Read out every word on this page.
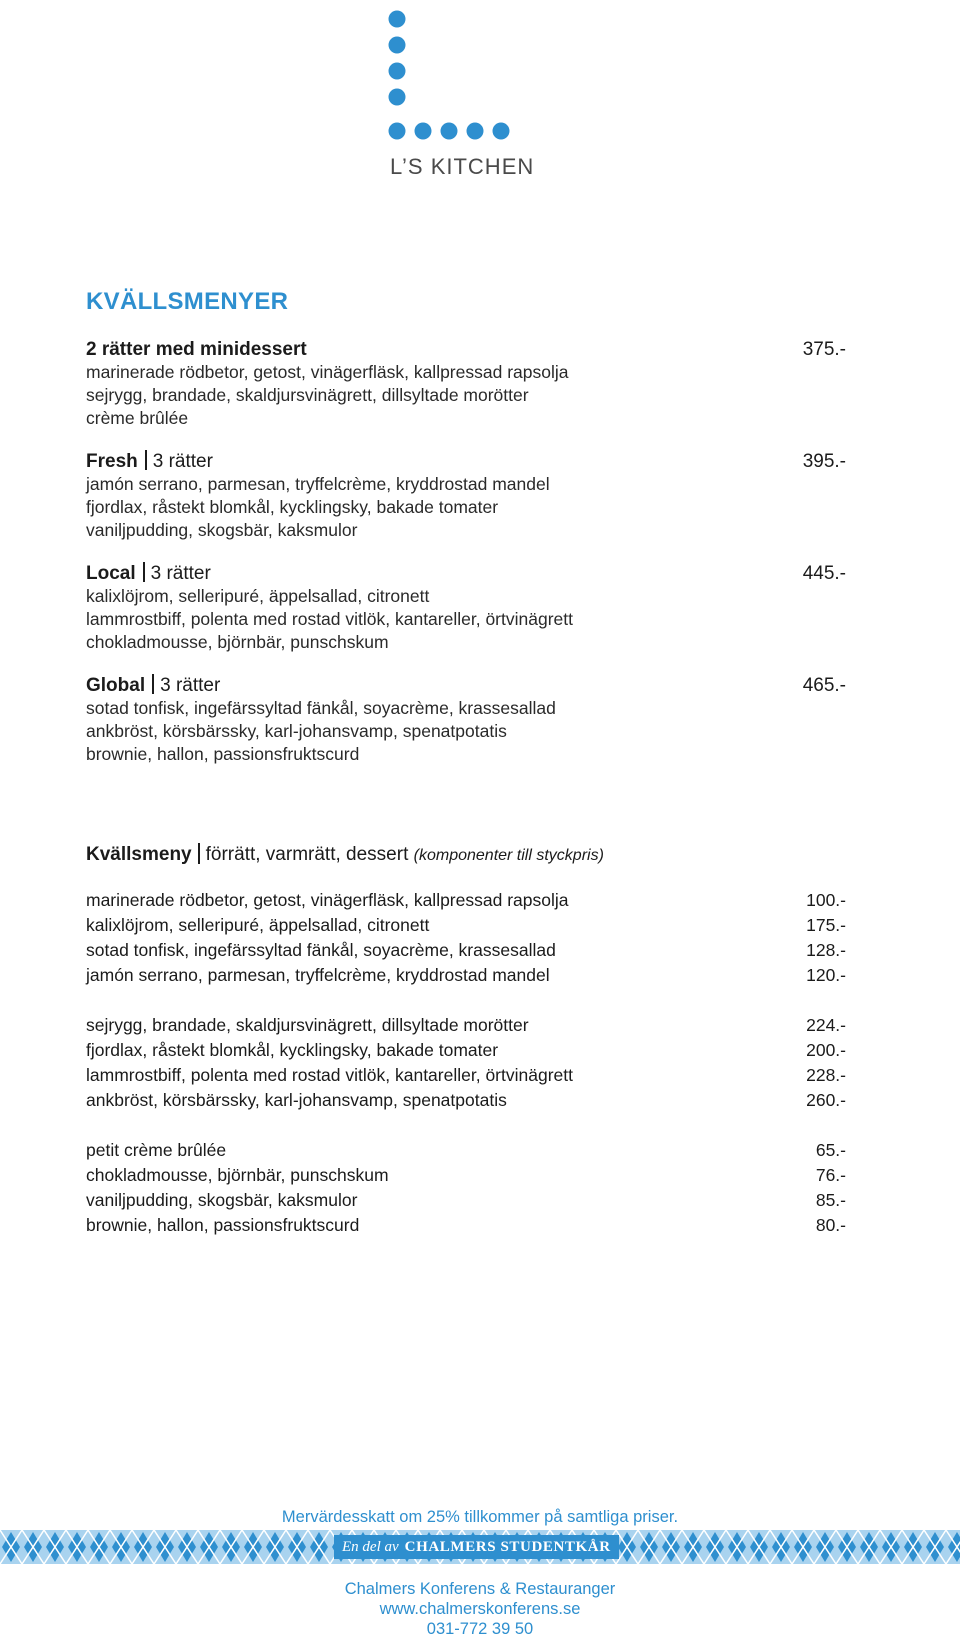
L’S KITCHEN
KVÄLLSMENYER
2 rätter med minidessert	375.-
marinerade rödbetor, getost, vinägerfläsk, kallpressad rapsolja
sejrygg, brandade, skaldjursvinägrett, dillsyltade morötter
crème brûlée
Fresh 3 rätter	395.-
jamón serrano, parmesan, tryffelcrème, kryddrostad mandel
fjordlax, råstekt blomkål, kycklingsky, bakade tomater
vaniljpudding, skogsbär, kaksmulor
Local 3 rätter	445.-
kalixlöjrom, selleripuré, äppelsallad, citronett
lammrostbiff, polenta med rostad vitlök, kantareller, örtvinägrett
chokladmousse, björnbär, punschskum
Global 3 rätter	465.-
sotad tonfisk, ingefärssyltad fänkål, soyacrème, krassesallad
ankbröst, körsbärssky, karl-johansvamp, spenatpotatis
brownie, hallon, passionsfruktscurd
Kvällsmeny förrätt, varmrätt, dessert (komponenter till styckpris)
marinerade rödbetor, getost, vinägerfläsk, kallpressad rapsolja	100.-
kalixlöjrom, selleripuré, äppelsallad, citronett	175.-
sotad tonfisk, ingefärssyltad fänkål, soyacrème, krassesallad	128.-
jamón serrano, parmesan, tryffelcrème, kryddrostad mandel	120.-
sejrygg, brandade, skaldjursvinägrett, dillsyltade morötter	224.-
fjordlax, råstekt blomkål, kycklingsky, bakade tomater	200.-
lammrostbiff, polenta med rostad vitlök, kantareller, örtvinägrett	228.-
ankbröst, körsbärssky, karl-johansvamp, spenatpotatis	260.-
petit crème brûlée	65.-
chokladmousse, björnbär, punschskum	76.-
vaniljpudding, skogsbär, kaksmulor	85.-
brownie, hallon, passionsfruktscurd	80.-
Mervärdesskatt om 25% tillkommer på samtliga priser.
En del av CHALMERS STUDENTKÅR
Chalmers Konferens & Restauranger
www.chalmerskonferens.se
031-772 39 50
